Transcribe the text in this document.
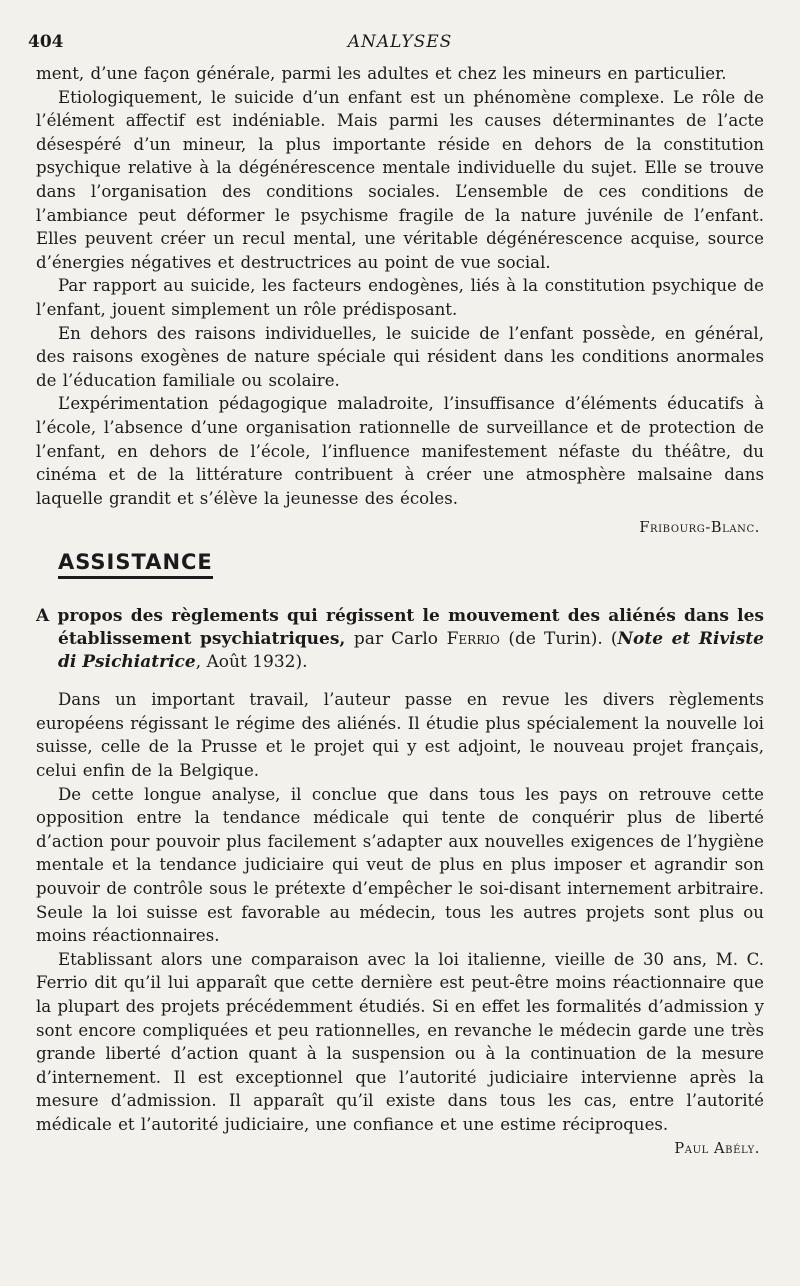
404	ANALYSES

ment, d’une façon générale, parmi les adultes et chez les mineurs en particulier.

Etiologiquement, le suicide d’un enfant est un phénomène complexe. Le rôle de l’élément affectif est indéniable. Mais parmi les causes déterminantes de l’acte désespéré d’un mineur, la plus importante réside en dehors de la constitution psychique relative à la dégénérescence mentale individuelle du sujet. Elle se trouve dans l’organisation des conditions sociales. L’ensemble de ces conditions de l’ambiance peut déformer le psychisme fragile de la nature juvénile de l’enfant. Elles peuvent créer un recul mental, une véritable dégénérescence acquise, source d’énergies négatives et destructrices au point de vue social.

Par rapport au suicide, les facteurs endogènes, liés à la constitution psychique de l’enfant, jouent simplement un rôle prédisposant.

En dehors des raisons individuelles, le suicide de l’enfant possède, en général, des raisons exogènes de nature spéciale qui résident dans les conditions anormales de l’éducation familiale ou scolaire.

L’expérimentation pédagogique maladroite, l’insuffisance d’éléments éducatifs à l’école, l’absence d’une organisation rationnelle de surveillance et de protection de l’enfant, en dehors de l’école, l’influence manifestement néfaste du théâtre, du cinéma et de la littérature contribuent à créer une atmosphère malsaine dans laquelle grandit et s’élève la jeunesse des écoles.

Fribourg-Blanc.
ASSISTANCE
A propos des règlements qui régissent le mouvement des aliénés dans les établissement psychiatriques, par Carlo Ferrio (de Turin). (Note et Riviste di Psichiatrice, Août 1932).

Dans un important travail, l’auteur passe en revue les divers règlements européens régissant le régime des aliénés. Il étudie plus spécialement la nouvelle loi suisse, celle de la Prusse et le projet qui y est adjoint, le nouveau projet français, celui enfin de la Belgique.

De cette longue analyse, il conclue que dans tous les pays on retrouve cette opposition entre la tendance médicale qui tente de conquérir plus de liberté d’action pour pouvoir plus facilement s’adapter aux nouvelles exigences de l’hygiène mentale et la tendance judiciaire qui veut de plus en plus imposer et agrandir son pouvoir de contrôle sous le prétexte d’empêcher le soi-disant internement arbitraire. Seule la loi suisse est favorable au médecin, tous les autres projets sont plus ou moins réactionnaires.

Etablissant alors une comparaison avec la loi italienne, vieille de 30 ans, M. C. Ferrio dit qu’il lui apparaît que cette dernière est peut-être moins réactionnaire que la plupart des projets précédemment étudiés. Si en effet les formalités d’admission y sont encore compliquées et peu rationnelles, en revanche le médecin garde une très grande liberté d’action quant à la suspension ou à la continuation de la mesure d’internement. Il est exceptionnel que l’autorité judiciaire intervienne après la mesure d’admission. Il apparaît qu’il existe dans tous les cas, entre l’autorité médicale et l’autorité judiciaire, une confiance et une estime réciproques.

Paul Abély.
